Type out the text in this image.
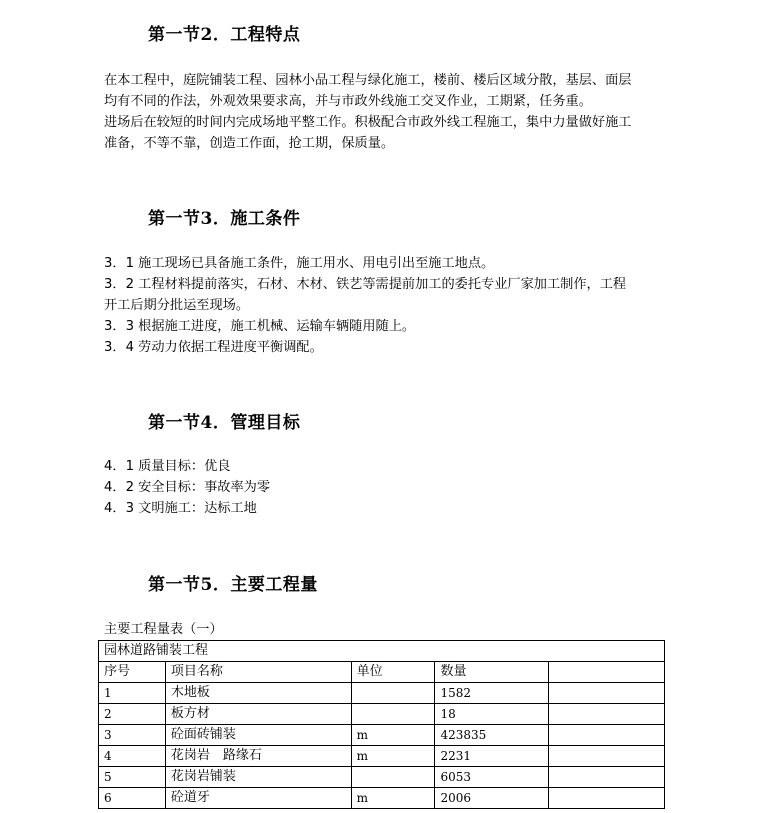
第一节2．工程特点

在本工程中，庭院铺装工程、园林小品工程与绿化施工，楼前、楼后区域分散，基层、面层

均有不同的作法，外观效果要求高，并与市政外线施工交叉作业，工期紧，任务重。

进场后在较短的时间内完成场地平整工作。积极配合市政外线工程施工，集中力量做好施工

准备，不等不靠，创造工作面，抢工期，保质量。

第一节3．施工条件

3．1 施工现场已具备施工条件，施工用水、用电引出至施工地点。

3．2 工程材料提前落实，石材、木材、铁艺等需提前加工的委托专业厂家加工制作，工程

开工后期分批运至现场。

3．3 根据施工进度，施工机械、运输车辆随用随上。

3．4 劳动力依据工程进度平衡调配。

第一节4．管理目标

4．1 质量目标：优良

4．2 安全目标：事故率为零

4．3 文明施工：达标工地

第一节5．主要工程量
主要工程量表（一）
园林道路铺装工程				
序号	项目名称	单位	数量	
1	木地板		1582	
2	板方材		18	
3	砼面砖铺装	m	423835	
4	花岗岩　路缘石	m	2231	
5	花岗岩铺装		6053	
6	砼道牙	m	2006	
